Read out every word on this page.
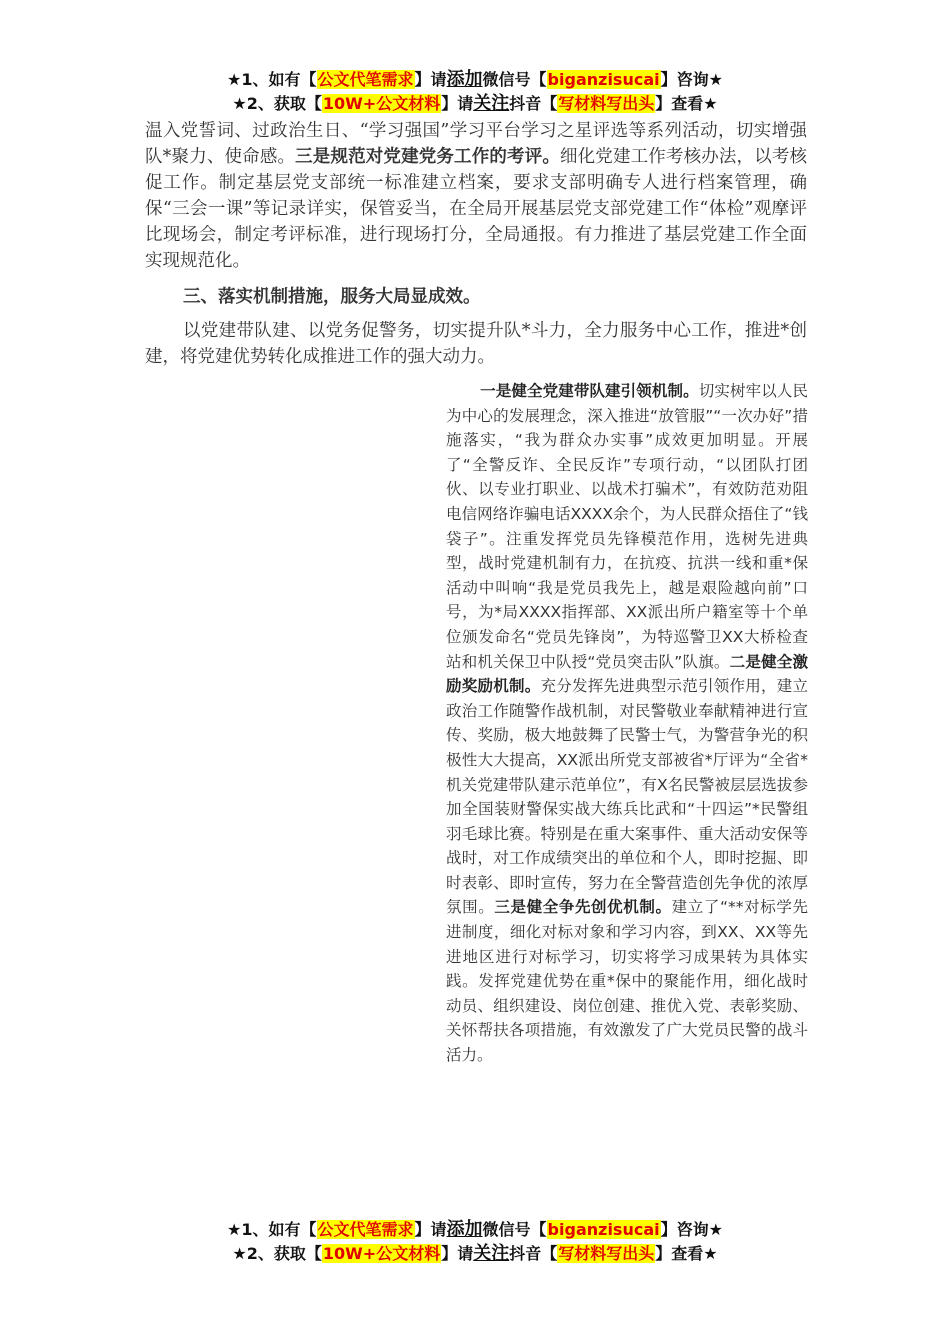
★1、如有【公文代笔需求】请添加微信号【biganzisucai】咨询★
★2、获取【10W+公文材料】请关注抖音【写材料写出头】查看★
温入党誓词、过政治生日、“学习强国”学习平台学习之星评选等系列活动，切实增强队*聚力、使命感。三是规范对党建党务工作的考评。细化党建工作考核办法，以考核促工作。制定基层党支部统一标准建立档案，要求支部明确专人进行档案管理，确保“三会一课”等记录详实，保管妥当，在全局开展基层党支部党建工作“体检”观摩评比现场会，制定考评标准，进行现场打分，全局通报。有力推进了基层党建工作全面实现规范化。
三、落实机制措施，服务大局显成效。
以党建带队建、以党务促警务，切实提升队*斗力，全力服务中心工作，推进*创建，将党建优势转化成推进工作的强大动力。
一是健全党建带队建引领机制。切实树牢以人民为中心的发展理念，深入推进“放管服”“一次办好”措施落实，“我为群众办实事”成效更加明显。开展了“全警反诈、全民反诈”专项行动，“以团队打团伙、以专业打职业、以战术打骗术”，有效防范劝阻电信网络诈骗电话XXXX余个，为人民群众捂住了“钱袋子”。注重发挥党员先锋模范作用，选树先进典型，战时党建机制有力，在抗疫、抗洪一线和重*保活动中叫响“我是党员我先上，越是艰险越向前”口号，为*局XXXX指挥部、XX派出所户籍室等十个单位颁发命名“党员先锋岗”，为特巡警卫XX大桥检查站和机关保卫中队授“党员突击队”队旗。二是健全激励奖励机制。充分发挥先进典型示范引领作用，建立政治工作随警作战机制，对民警敬业奉献精神进行宣传、奖励，极大地鼓舞了民警士气，为警营争光的积极性大大提高，XX派出所党支部被省*厅评为“全省*机关党建带队建示范单位”，有X名民警被层层选拔参加全国装财警保实战大练兵比武和“十四运”*民警组羽毛球比赛。特别是在重大案事件、重大活动安保等战时，对工作成绩突出的单位和个人，即时挖掘、即时表彰、即时宣传，努力在全警营造创先争优的浓厚氛围。三是健全争先创优机制。建立了“**对标学先进制度，细化对标对象和学习内容，到XX、XX等先进地区进行对标学习，切实将学习成果转为具体实践。发挥党建优势在重*保中的聚能作用，细化战时动员、组织建设、岗位创建、推优入党、表彰奖励、关怀帮扶各项措施，有效激发了广大党员民警的战斗活力。
★1、如有【公文代笔需求】请添加微信号【biganzisucai】咨询★
★2、获取【10W+公文材料】请关注抖音【写材料写出头】查看★
